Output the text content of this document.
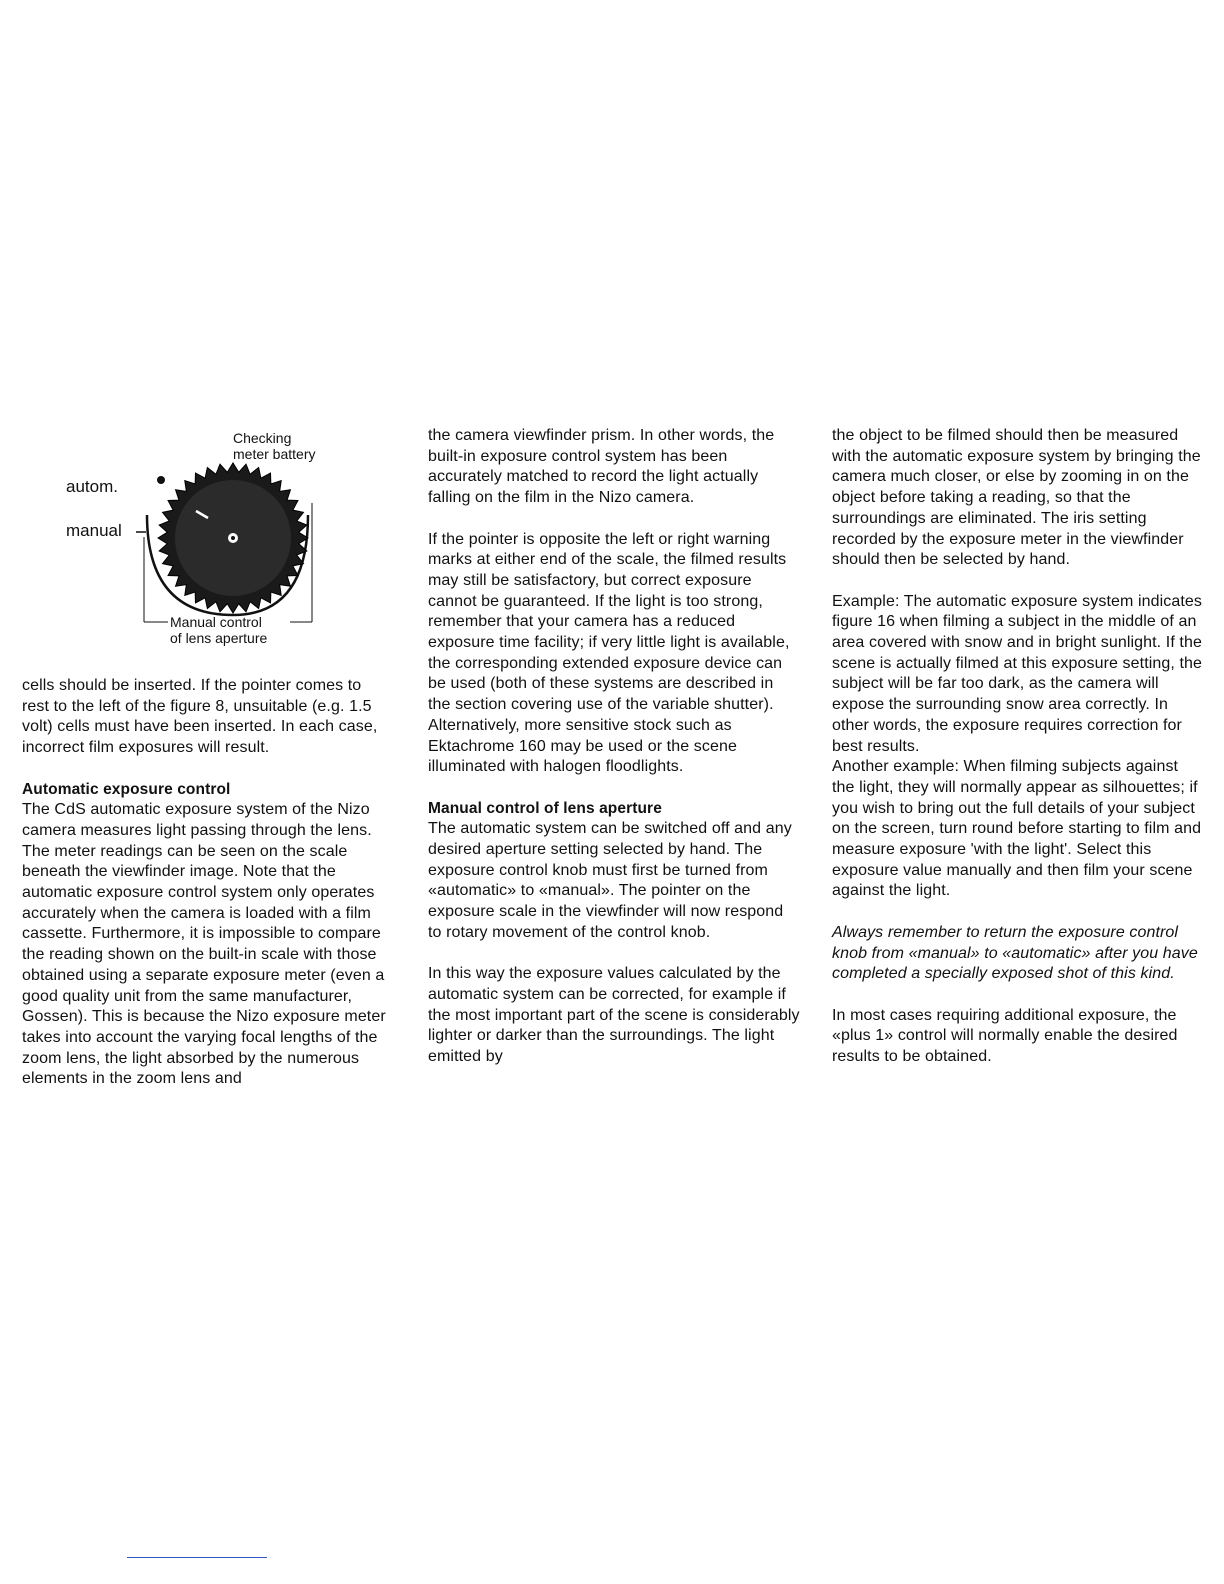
Checking
meter battery
autom.
manual
Manual control
of lens aperture

cells should be inserted. If the pointer comes to rest to the left of the figure 8, unsuitable (e.g. 1.5 volt) cells must have been inserted. In each case, incorrect film exposures will result.

Automatic exposure control

The CdS automatic exposure system of the Nizo camera measures light passing through the lens. The meter readings can be seen on the scale beneath the viewfinder image. Note that the automatic exposure control system only operates accurately when the camera is loaded with a film cassette. Furthermore, it is impossible to compare the reading shown on the built-in scale with those obtained using a separate exposure meter (even a good quality unit from the same manufacturer, Gossen). This is because the Nizo exposure meter takes into account the varying focal lengths of the zoom lens, the light absorbed by the numerous elements in the zoom lens and

the camera viewfinder prism. In other words, the built-in exposure control system has been accurately matched to record the light actually falling on the film in the Nizo camera.

If the pointer is opposite the left or right warning marks at either end of the scale, the filmed results may still be satisfactory, but correct exposure cannot be guaranteed. If the light is too strong, remember that your camera has a reduced exposure time facility; if very little light is available, the corresponding extended exposure device can be used (both of these systems are described in the section covering use of the variable shutter). Alternatively, more sensitive stock such as Ektachrome 160 may be used or the scene illuminated with halogen floodlights.

Manual control of lens aperture

The automatic system can be switched off and any desired aperture setting selected by hand. The exposure control knob must first be turned from «automatic» to «manual». The pointer on the exposure scale in the viewfinder will now respond to rotary movement of the control knob.

In this way the exposure values calculated by the automatic system can be corrected, for example if the most important part of the scene is considerably lighter or darker than the surroundings. The light emitted by

the object to be filmed should then be measured with the automatic exposure system by bringing the camera much closer, or else by zooming in on the object before taking a reading, so that the surroundings are eliminated. The iris setting recorded by the exposure meter in the viewfinder should then be selected by hand.

Example: The automatic exposure system indicates figure 16 when filming a subject in the middle of an area covered with snow and in bright sunlight. If the scene is actually filmed at this exposure setting, the subject will be far too dark, as the camera will expose the surrounding snow area correctly. In other words, the exposure requires correction for best results.

Another example: When filming subjects against the light, they will normally appear as silhouettes; if you wish to bring out the full details of your subject on the screen, turn round before starting to film and measure exposure 'with the light'. Select this exposure value manually and then film your scene against the light.

Always remember to return the exposure control knob from «manual» to «automatic» after you have completed a specially exposed shot of this kind.

In most cases requiring additional exposure, the «plus 1» control will normally enable the desired results to be obtained.
